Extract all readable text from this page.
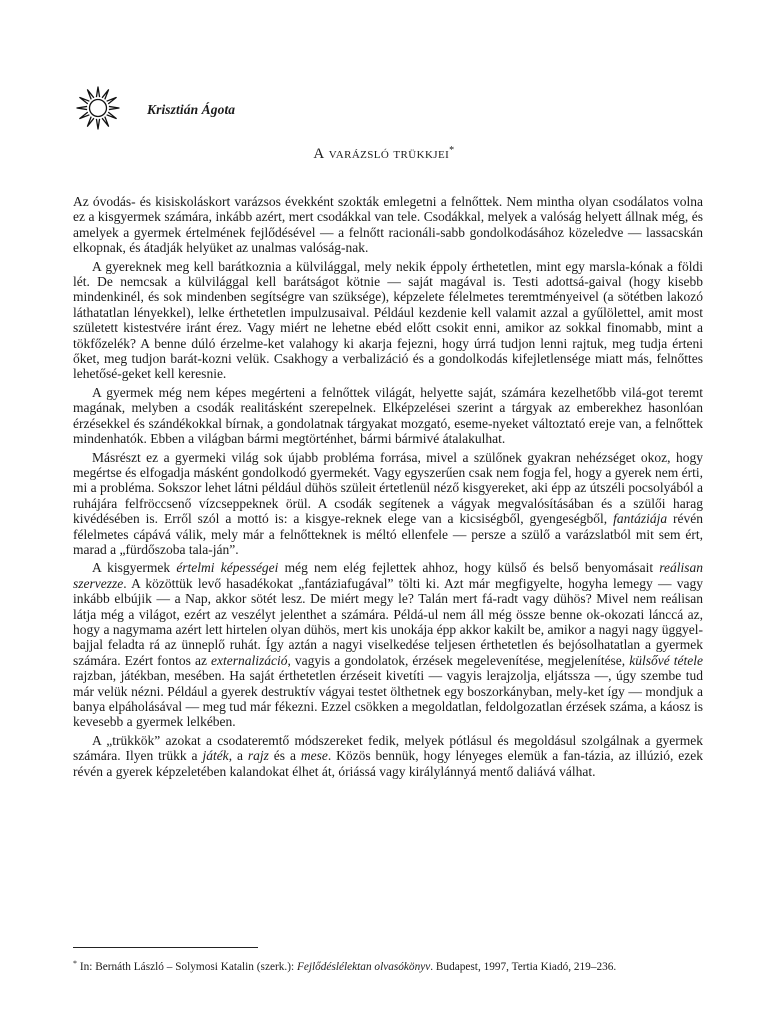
Krisztián Ágota
A varázsló trükkjei*

Az óvodás- és kisiskoláskort varázsos évekként szokták emlegetni a felnőttek. Nem mintha olyan csodálatos volna ez a kisgyermek számára, inkább azért, mert csodákkal van tele. Csodákkal, melyek a valóság helyett állnak még, és amelyek a gyermek értelmének fejlődésével — a felnőtt racionáli-sabb gondolkodásához közeledve — lassacskán elkopnak, és átadják helyüket az unalmas valóság-nak.

A gyereknek meg kell barátkoznia a külvilággal, mely nekik éppoly érthetetlen, mint egy marsla-kónak a földi lét. De nemcsak a külvilággal kell barátságot kötnie — saját magával is. Testi adottsá-gaival (hogy kisebb mindenkinél, és sok mindenben segítségre van szüksége), képzelete félelmetes teremtményeivel (a sötétben lakozó láthatatlan lényekkel), lelke érthetetlen impulzusaival. Például kezdenie kell valamit azzal a gyűlölettel, amit most született kistestvére iránt érez. Vagy miért ne lehetne ebéd előtt csokit enni, amikor az sokkal finomabb, mint a tökfőzelék? A benne dúló érzelme-ket valahogy ki akarja fejezni, hogy úrrá tudjon lenni rajtuk, meg tudja érteni őket, meg tudjon barát-kozni velük. Csakhogy a verbalizáció és a gondolkodás kifejletlensége miatt más, felnőttes lehetősé-geket kell keresnie.

A gyermek még nem képes megérteni a felnőttek világát, helyette saját, számára kezelhetőbb vilá-got teremt magának, melyben a csodák realitásként szerepelnek. Elképzelései szerint a tárgyak az emberekhez hasonlóan érzésekkel és szándékokkal bírnak, a gondolatnak tárgyakat mozgató, eseme-nyeket változtató ereje van, a felnőttek mindenhatók. Ebben a világban bármi megtörténhet, bármi bármivé átalakulhat.

Másrészt ez a gyermeki világ sok újabb probléma forrása, mivel a szülőnek gyakran nehézséget okoz, hogy megértse és elfogadja másként gondolkodó gyermekét. Vagy egyszerűen csak nem fogja fel, hogy a gyerek nem érti, mi a probléma. Sokszor lehet látni például dühös szüleit értetlenül néző kisgyereket, aki épp az útszéli pocsolyából a ruhájára felfröccsenő vízcseppeknek örül. A csodák segítenek a vágyak megvalósításában és a szülői harag kivédésében is. Erről szól a mottó is: a kisgye-reknek elege van a kicsiségből, gyengeségből, fantáziája révén félelmetes cápává válik, mely már a felnőtteknek is méltó ellenfele — persze a szülő a varázslatból mit sem ért, marad a „fürdőszoba tala-ján”.

A kisgyermek értelmi képességei még nem elég fejlettek ahhoz, hogy külső és belső benyomásait reálisan szervezze. A közöttük levő hasadékokat „fantáziafugával” tölti ki. Azt már megfigyelte, hogyha lemegy — vagy inkább elbújik — a Nap, akkor sötét lesz. De miért megy le? Talán mert fá-radt vagy dühös? Mivel nem reálisan látja még a világot, ezért az veszélyt jelenthet a számára. Példá-ul nem áll még össze benne ok-okozati lánccá az, hogy a nagymama azért lett hirtelen olyan dühös, mert kis unokája épp akkor kakilt be, amikor a nagyi nagy üggyel-bajjal feladta rá az ünneplő ruhát. Így aztán a nagyi viselkedése teljesen érthetetlen és bejósolhatatlan a gyermek számára. Ezért fontos az externalizáció, vagyis a gondolatok, érzések megelevenítése, megjelenítése, külsővé tétele rajzban, játékban, mesében. Ha saját érthetetlen érzéseit kivetíti — vagyis lerajzolja, eljátssza —, úgy szembe tud már velük nézni. Például a gyerek destruktív vágyai testet ölthetnek egy boszorkányban, mely-ket így — mondjuk a banya elpáholásával — meg tud már fékezni. Ezzel csökken a megoldatlan, feldolgozatlan érzések száma, a káosz is kevesebb a gyermek lelkében.

A „trükkök” azokat a csodateremtő módszereket fedik, melyek pótlásul és megoldásul szolgálnak a gyermek számára. Ilyen trükk a játék, a rajz és a mese. Közös bennük, hogy lényeges elemük a fan-tázia, az illúzió, ezek révén a gyerek képzeletében kalandokat élhet át, óriássá vagy királylánnyá mentő daliává válhat.

* In: Bernáth László – Solymosi Katalin (szerk.): Fejlődéslélektan olvasókönyv. Budapest, 1997, Tertia Kiadó, 219–236.
